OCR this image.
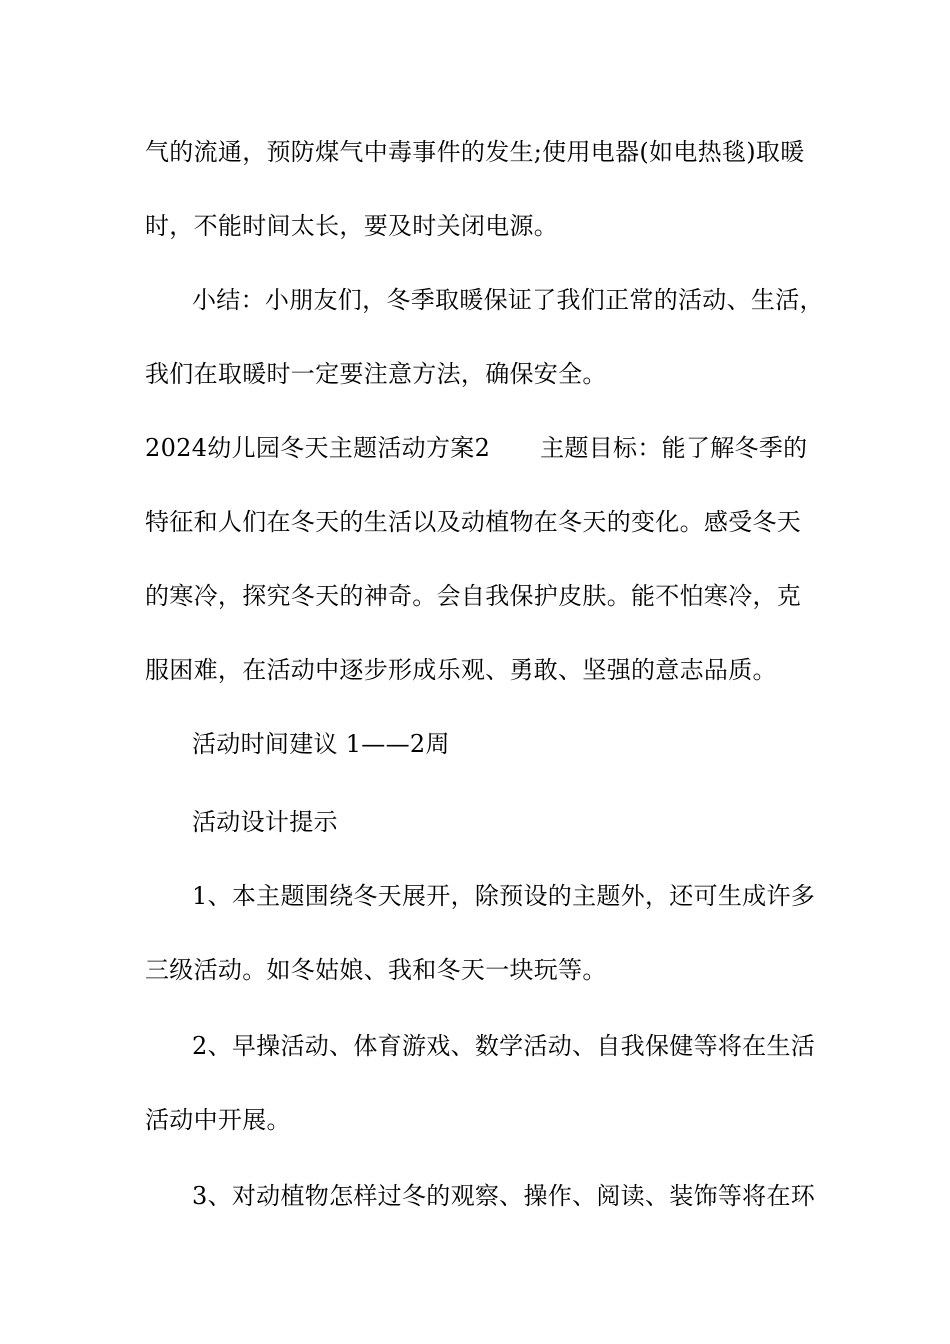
气的流通，预防煤气中毒事件的发生;使用电器(如电热毯)取暖
时，不能时间太长，要及时关闭电源。
小结：小朋友们，冬季取暖保证了我们正常的活动、生活，
我们在取暖时一定要注意方法，确保安全。
2024幼儿园冬天主题活动方案2 主题目标：能了解冬季的
特征和人们在冬天的生活以及动植物在冬天的变化。感受冬天
的寒冷，探究冬天的神奇。会自我保护皮肤。能不怕寒冷，克
服困难，在活动中逐步形成乐观、勇敢、坚强的意志品质。
活动时间建议 1——2周
活动设计提示
1、本主题围绕冬天展开，除预设的主题外，还可生成许多
三级活动。如冬姑娘、我和冬天一块玩等。
2、早操活动、体育游戏、数学活动、自我保健等将在生活
活动中开展。
3、对动植物怎样过冬的观察、操作、阅读、装饰等将在环
